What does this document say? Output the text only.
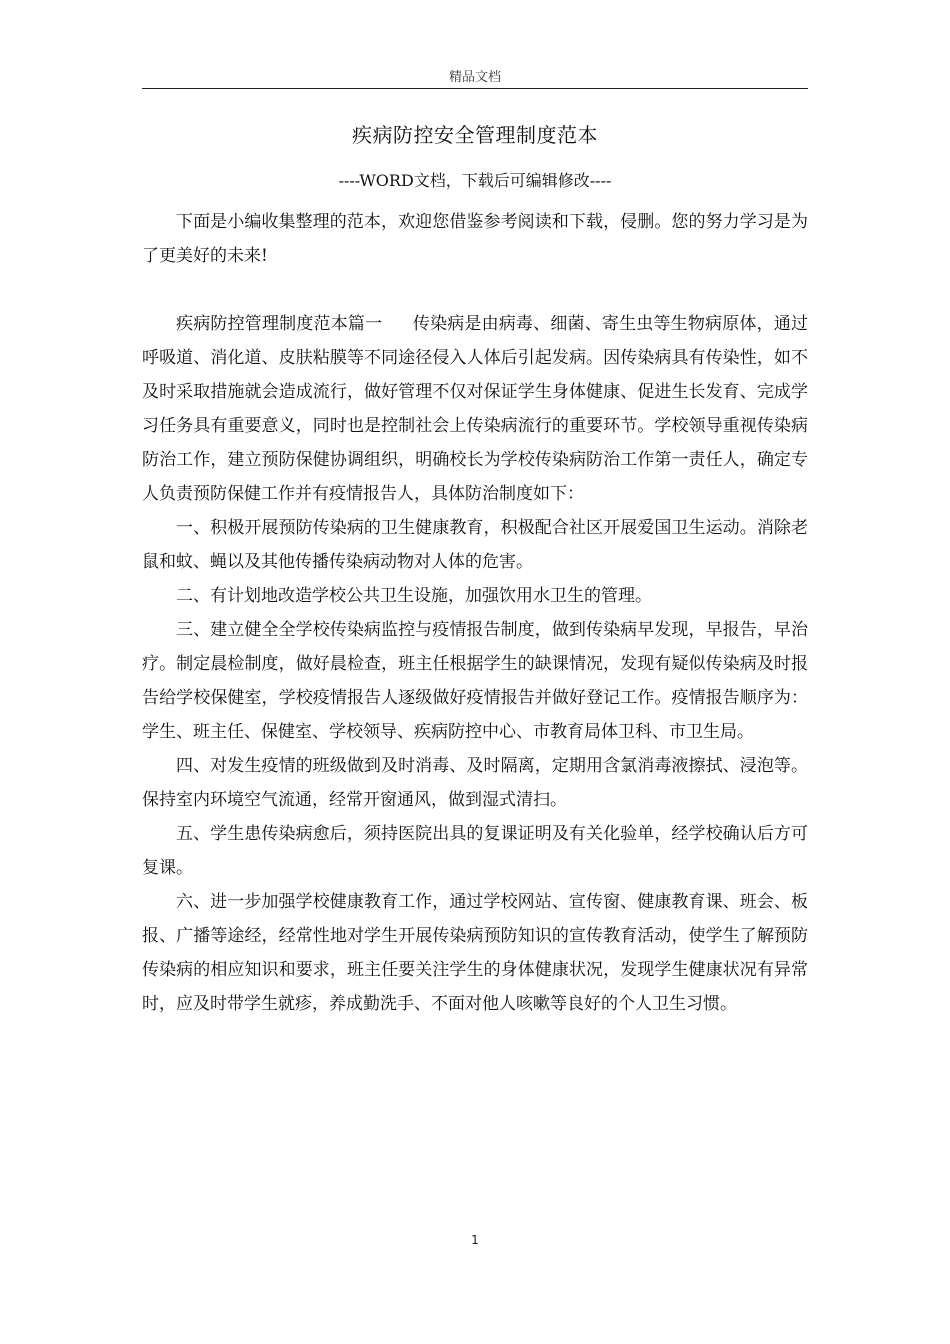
精品文档
疾病防控安全管理制度范本
----WORD文档，下载后可编辑修改----

下面是小编收集整理的范本，欢迎您借鉴参考阅读和下载，侵删。您的努力学习是为了更美好的未来!

疾病防控管理制度范本篇一 传染病是由病毒、细菌、寄生虫等生物病原体，通过呼吸道、消化道、皮肤粘膜等不同途径侵入人体后引起发病。因传染病具有传染性，如不及时采取措施就会造成流行，做好管理不仅对保证学生身体健康、促进生长发育、完成学习任务具有重要意义，同时也是控制社会上传染病流行的重要环节。学校领导重视传染病防治工作，建立预防保健协调组织，明确校长为学校传染病防治工作第一责任人，确定专人负责预防保健工作并有疫情报告人，具体防治制度如下：

一、积极开展预防传染病的卫生健康教育，积极配合社区开展爱国卫生运动。消除老鼠和蚊、蝇以及其他传播传染病动物对人体的危害。

二、有计划地改造学校公共卫生设施，加强饮用水卫生的管理。

三、建立健全全学校传染病监控与疫情报告制度，做到传染病早发现，早报告，早治疗。制定晨检制度，做好晨检查，班主任根据学生的缺课情况，发现有疑似传染病及时报告给学校保健室，学校疫情报告人逐级做好疫情报告并做好登记工作。疫情报告顺序为：学生、班主任、保健室、学校领导、疾病防控中心、市教育局体卫科、市卫生局。

四、对发生疫情的班级做到及时消毒、及时隔离，定期用含氯消毒液擦拭、浸泡等。保持室内环境空气流通，经常开窗通风，做到湿式清扫。

五、学生患传染病愈后，须持医院出具的复课证明及有关化验单，经学校确认后方可复课。

六、进一步加强学校健康教育工作，通过学校网站、宣传窗、健康教育课、班会、板报、广播等途经，经常性地对学生开展传染病预防知识的宣传教育活动，使学生了解预防传染病的相应知识和要求，班主任要关注学生的身体健康状况，发现学生健康状况有异常时，应及时带学生就疹，养成勤洗手、不面对他人咳嗽等良好的个人卫生习惯。

1
